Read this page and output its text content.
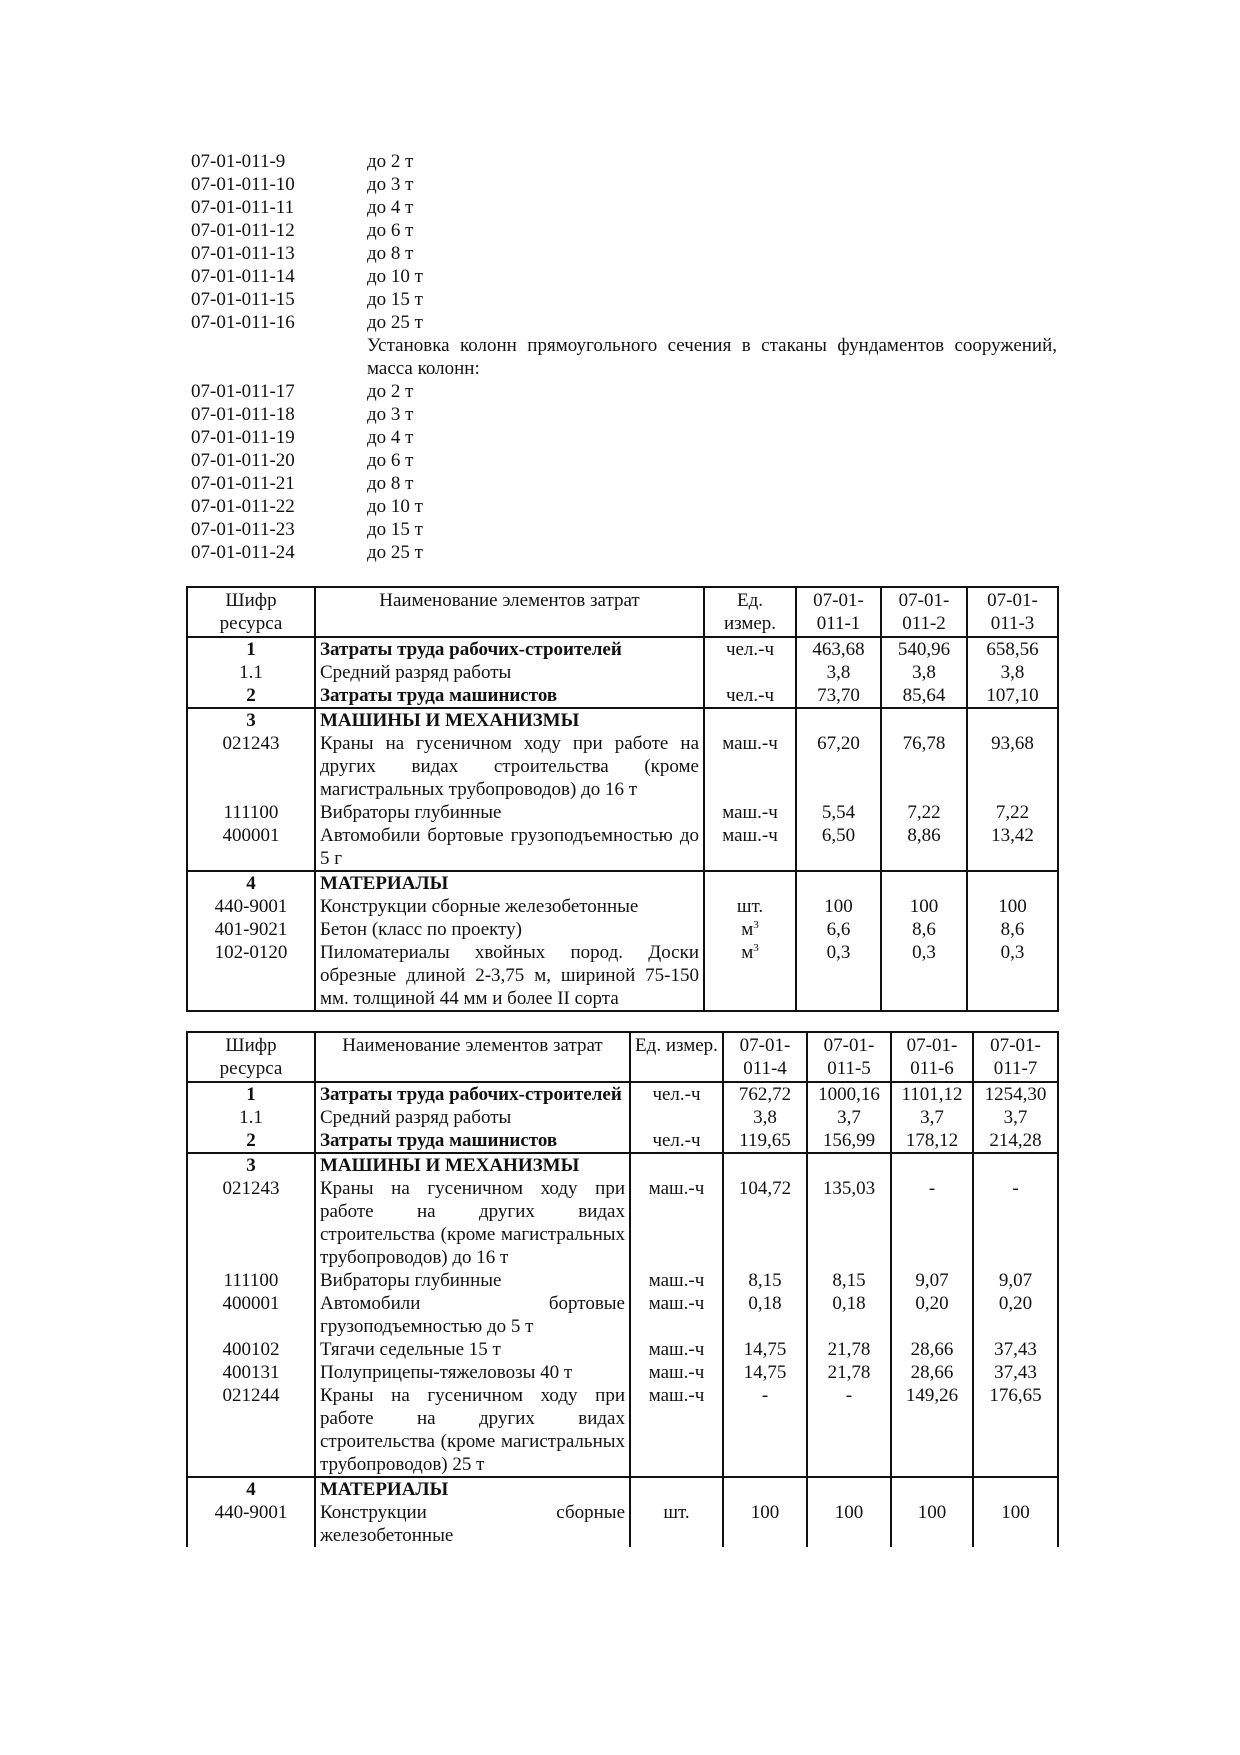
07-01-011-9	до 2 т
07-01-011-10	до 3 т
07-01-011-11	до 4 т
07-01-011-12	до 6 т
07-01-011-13	до 8 т
07-01-011-14	до 10 т
07-01-011-15	до 15 т
07-01-011-16	до 25 т
Установка колонн прямоугольного сечения в стаканы фундаментов сооружений, масса колонн:
07-01-011-17	до 2 т
07-01-011-18	до 3 т
07-01-011-19	до 4 т
07-01-011-20	до 6 т
07-01-011-21	до 8 т
07-01-011-22	до 10 т
07-01-011-23	до 15 т
07-01-011-24	до 25 т
Шифр ресурса	Наименование элементов затрат	Ед. измер.	07-01-011-1	07-01-011-2	07-01-011-3
1	Затраты труда рабочих-строителей	чел.-ч	463,68	540,96	658,56
1.1	Средний разряд работы		3,8	3,8	3,8
2	Затраты труда машинистов	чел.-ч	73,70	85,64	107,10
3	МАШИНЫ И МЕХАНИЗМЫ				
021243	Краны на гусеничном ходу при работе на других видах строительства (кроме магистральных трубопроводов) до 16 т	маш.-ч	67,20	76,78	93,68
111100	Вибраторы глубинные	маш.-ч	5,54	7,22	7,22
400001	Автомобили бортовые грузоподъемностью до 5 г	маш.-ч	6,50	8,86	13,42
4	МАТЕРИАЛЫ				
440-9001	Конструкции сборные железобетонные	шт.	100	100	100
401-9021	Бетон (класс по проекту)	$м^3$	6,6	8,6	8,6
102-0120	Пиломатериалы хвойных пород. Доски обрезные длиной 2-3,75 м, шириной 75-150 мм. толщиной 44 мм и более II сорта	$м^3$	0,3	0,3	0,3
Шифр ресурса	Наименование элементов затрат	Ед. измер.	07-01-011-4	07-01-011-5	07-01-011-6	07-01-011-7
1	Затраты труда рабочих-строителей	чел.-ч	762,72	1000,16	1101,12	1254,30
1.1	Средний разряд работы		3,8	3,7	3,7	3,7
2	Затраты труда машинистов	чел.-ч	119,65	156,99	178,12	214,28
3	МАШИНЫ И МЕХАНИЗМЫ					
021243	Краны на гусеничном ходу при работе на других видах строительства (кроме магистральных трубопроводов) до 16 т	маш.-ч	104,72	135,03	-	-
111100	Вибраторы глубинные	маш.-ч	8,15	8,15	9,07	9,07
400001	Автомобили бортовые грузоподъемностью до 5 т	маш.-ч	0,18	0,18	0,20	0,20
400102	Тягачи седельные 15 т	маш.-ч	14,75	21,78	28,66	37,43
400131	Полуприцепы-тяжеловозы 40 т	маш.-ч	14,75	21,78	28,66	37,43
021244	Краны на гусеничном ходу при работе на других видах строительства (кроме магистральных трубопроводов) 25 т	маш.-ч	-	-	149,26	176,65
4	МАТЕРИАЛЫ					
440-9001	Конструкции сборные железобетонные	шт.	100	100	100	100
